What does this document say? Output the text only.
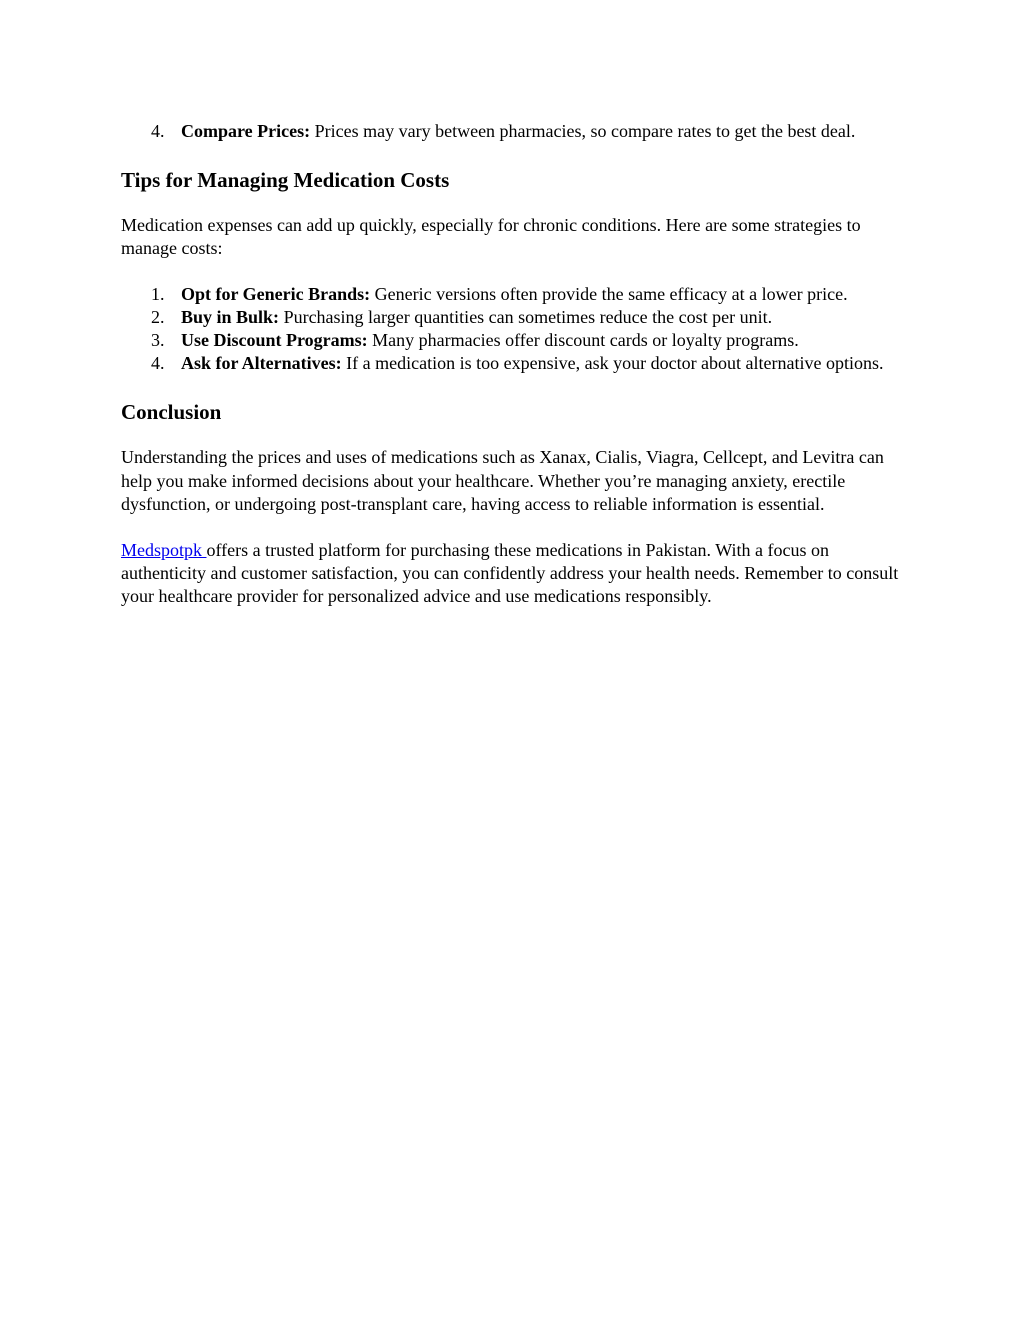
4. Compare Prices: Prices may vary between pharmacies, so compare rates to get the best deal.
Tips for Managing Medication Costs

Medication expenses can add up quickly, especially for chronic conditions. Here are some strategies to manage costs:

1. Opt for Generic Brands: Generic versions often provide the same efficacy at a lower price.
2. Buy in Bulk: Purchasing larger quantities can sometimes reduce the cost per unit.
3. Use Discount Programs: Many pharmacies offer discount cards or loyalty programs.
4. Ask for Alternatives: If a medication is too expensive, ask your doctor about alternative options.
Conclusion

Understanding the prices and uses of medications such as Xanax, Cialis, Viagra, Cellcept, and Levitra can help you make informed decisions about your healthcare. Whether you’re managing anxiety, erectile dysfunction, or undergoing post-transplant care, having access to reliable information is essential.

Medspotpk offers a trusted platform for purchasing these medications in Pakistan. With a focus on authenticity and customer satisfaction, you can confidently address your health needs. Remember to consult your healthcare provider for personalized advice and use medications responsibly.
